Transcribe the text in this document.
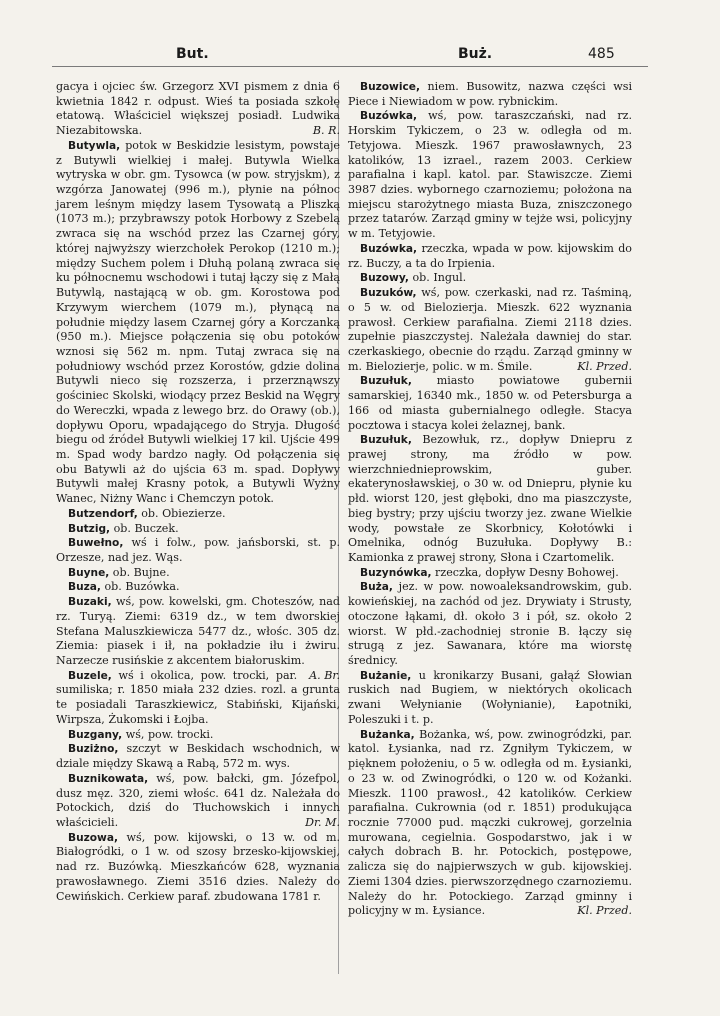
But.	Buż.	485

gacya i ojciec św. Grzegorz XVI pismem z dnia 6 kwietnia 1842 r. odpust. Wieś ta posiada szkołę etatową. Właściciel większej posiadł. Ludwika Niezabitowska.	B. R.

Butywla, potok w Beskidzie lesistym, powstaje z Butywli wielkiej i małej. Butywla Wielka wytryska w obr. gm. Tysowca (w pow. stryjskm), z wzgórza Janowatej (996 m.), płynie na północ jarem leśnym między lasem Tysowatą a Pliszką (1073 m.); przybrawszy potok Horbowy z Szebelą zwraca się na wschód przez las Czarnej góry, której najwyższy wierzchołek Perokop (1210 m.); między Suchem polem i Dłuhą polaną zwraca się ku północnemu wschodowi i tutaj łączy się z Małą Butywlą, nastającą w ob. gm. Korostowa pod Krzywym wierchem (1079 m.), płynącą na południe między lasem Czarnej góry a Korczanką (950 m.). Miejsce połączenia się obu potoków wznosi się 562 m. npm. Tutaj zwraca się na południowy wschód przez Korostów, gdzie dolina Butywli nieco się rozszerza, i przerznąwszy gościniec Skolski, wiodący przez Beskid na Węgry do Wereczki, wpada z lewego brz. do Orawy (ob.), dopływu Oporu, wpadającego do Stryja. Długość biegu od źródeł Butywli wielkiej 17 kil. Ujście 499 m. Spad wody bardzo nagły. Od połączenia się obu Batywli aż do ujścia 63 m. spad. Dopływy Butywli małej Krasny potok, a Butywli Wyżny Wanec, Niżny Wanc i Chemczyn potok.

Butzendorf, ob. Obiezierze.

Butzig, ob. Buczek.

Buwełno, wś i folw., pow. jańsborski, st. p. Orzesze, nad jez. Wąs.

Buyne, ob. Bujne.

Buza, ob. Buzówka.

Buzaki, wś, pow. kowelski, gm. Choteszów, nad rz. Turyą. Ziemi: 6319 dz., w tem dworskiej Stefana Maluszkiewicza 5477 dz., włośc. 305 dz. Ziemia: piasek i ił, na pokładzie iłu i żwiru. Narzecze rusińskie z akcentem białoruskim.
A. Br.

Buzele, wś i okolica, pow. trocki, par. sumiliska; r. 1850 miała 232 dzies. rozl. a grunta te posiadali Taraszkiewicz, Stabiński, Kijański, Wirpsza, Żukomski i Łojba.

Buzgany, wś, pow. trocki.

Buziżno, szczyt w Beskidach wschodnich, w dziale między Skawą a Rabą, 572 m. wys.

Buznikowata, wś, pow. bałcki, gm. Józefpol, dusz męz. 320, ziemi włośc. 641 dz. Należała do Potockich, dziś do Tłuchowskich i innych właścicieli.	Dr. M.

Buzowa, wś, pow. kijowski, o 13 w. od m. Białogródki, o 1 w. od szosy brzesko-kijowskiej, nad rz. Buzówką. Mieszkańców 628, wyznania prawosławnego. Ziemi 3516 dzies. Należy do Cewińskich. Cerkiew paraf. zbudowana 1781 r.

Buzowice, niem. Busowitz, nazwa części wsi Piece i Niewiadom w pow. rybnickim.

Buzówka, wś, pow. taraszczański, nad rz. Horskim Tykiczem, o 23 w. odległa od m. Tetyjowa. Mieszk. 1967 prawosławnych, 23 katolików, 13 izrael., razem 2003. Cerkiew parafialna i kapl. katol. par. Stawiszcze. Ziemi 3987 dzies. wybornego czarnoziemu; położona na miejscu starożytnego miasta Buza, zniszczonego przez tatarów. Zarząd gminy w tejże wsi, policyjny w m. Tetyjowie.

Buzówka, rzeczka, wpada w pow. kijowskim do rz. Buczy, a ta do Irpienia.

Buzowy, ob. Ingul.

Buzuków, wś, pow. czerkaski, nad rz. Taśminą, o 5 w. od Bielozierja. Mieszk. 622 wyznania prawosł. Cerkiew parafialna. Ziemi 2118 dzies. zupełnie piaszczystej. Należała dawniej do star. czerkaskiego, obecnie do rządu. Zarząd gminny w m. Bielozierje, polic. w m. Śmile.	Kl. Przed.

Buzułuk, miasto powiatowe gubernii samarskiej, 16340 mk., 1850 w. od Petersburga a 166 od miasta gubernialnego odległe. Stacya pocztowa i stacya kolei żelaznej, bank.

Buzułuk, Bezowłuk, rz., dopływ Dniepru z prawej strony, ma źródło w pow. wierzchniednieprowskim, guber. ekaterynosławskiej, o 30 w. od Dniepru, płynie ku płd. wiorst 120, jest głęboki, dno ma piaszczyste, bieg bystry; przy ujściu tworzy jez. zwane Wielkie wody, powstałe ze Skorbnicy, Kołotówki i Omelnika, odnóg Buzułuka. Dopływy B.: Kamionka z prawej strony, Słona i Czartomelik.

Buzynówka, rzeczka, dopływ Desny Bohowej.

Buża, jez. w pow. nowoaleksandrowskim, gub. kowieńskiej, na zachód od jez. Drywiaty i Strusty, otoczone łąkami, dł. około 3 i pół, sz. około 2 wiorst. W płd.-zachodniej stronie B. łączy się strugą z jez. Sawanara, które ma wiorstę średnicy.

Bużanie, u kronikarzy Busani, gałąź Słowian ruskich nad Bugiem, w niektórych okolicach zwani Wełynianie (Wołynianie), Łapotniki, Poleszuki i t. p.

Bużanka, Bożanka, wś, pow. zwinogródzki, par. katol. Łysianka, nad rz. Zgniłym Tykiczem, w pięknem położeniu, o 5 w. odległa od m. Łysianki, o 23 w. od Zwinogródki, o 120 w. od Kożanki. Mieszk. 1100 prawosł., 42 katolików. Cerkiew parafialna. Cukrownia (od r. 1851) produkująca rocznie 77000 pud. mączki cukrowej, gorzelnia murowana, cegielnia. Gospodarstwo, jak i w całych dobrach B. hr. Potockich, postępowe, zalicza się do najpierwszych w gub. kijowskiej. Ziemi 1304 dzies. pierwszorzędnego czarnoziemu. Należy do hr. Potockiego. Zarząd gminny i policyjny w m. Łysiance.	Kl. Przed.
